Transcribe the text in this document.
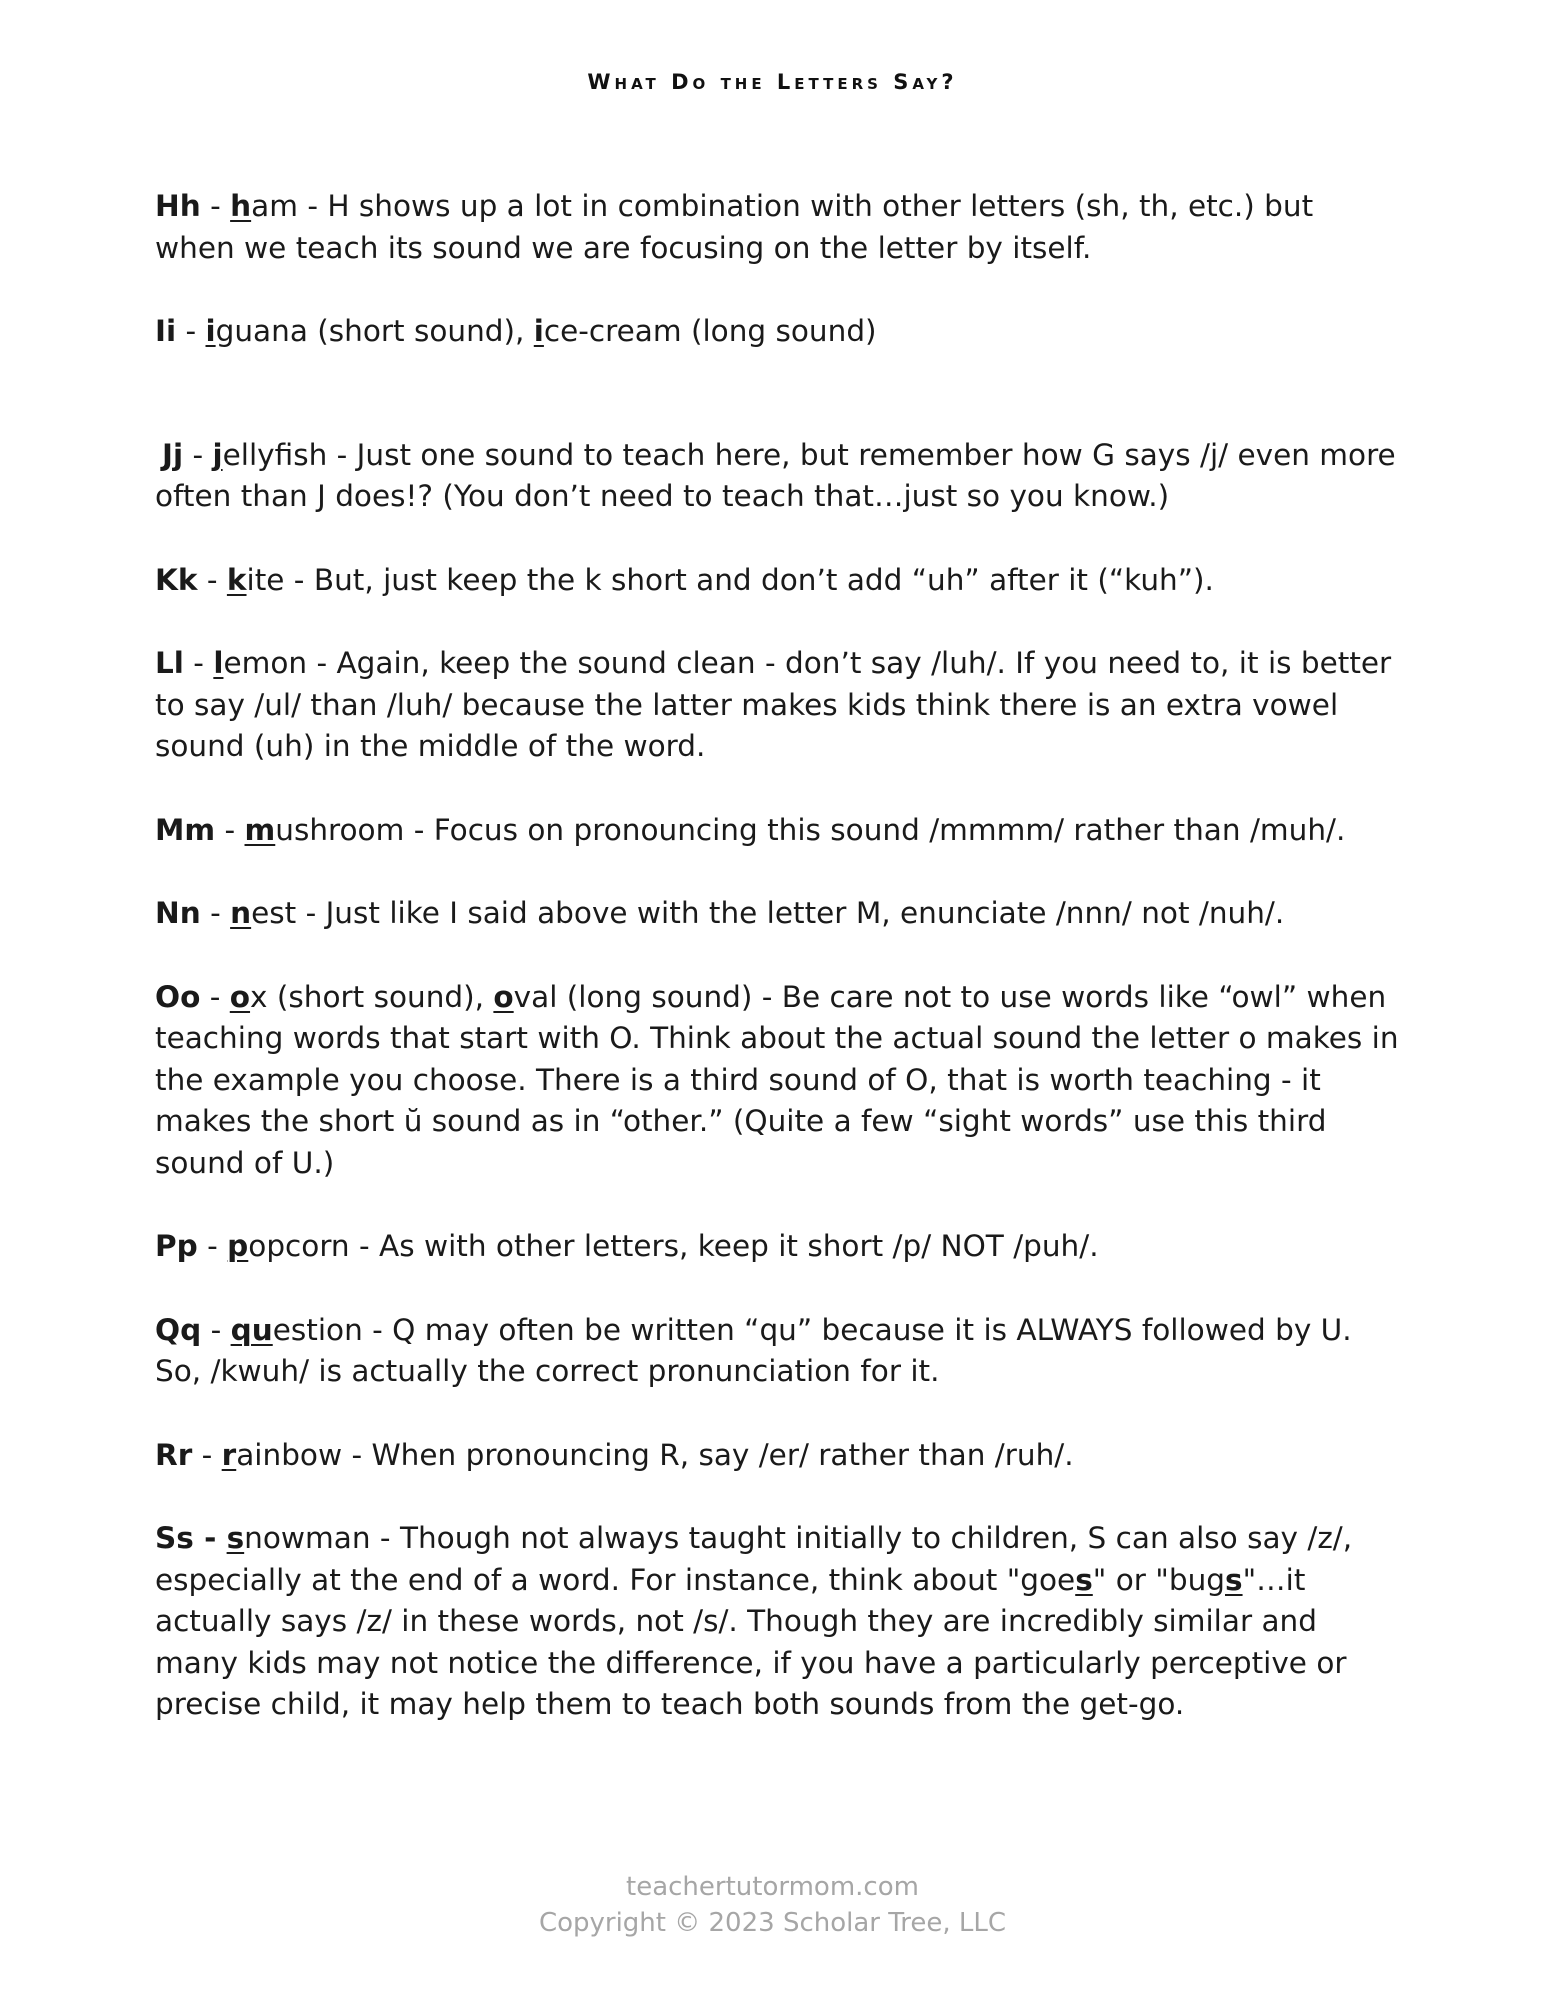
What Do the Letters Say?

Hh - ham - H shows up a lot in combination with other letters (sh, th, etc.) but when we teach its sound we are focusing on the letter by itself.

Ii - iguana (short sound), ice-cream (long sound)

Jj - jellyfish - Just one sound to teach here, but remember how G says /j/ even more often than J does!? (You don’t need to teach that…just so you know.)

Kk - kite - But, just keep the k short and don’t add “uh” after it (“kuh”).

Ll - lemon - Again, keep the sound clean - don’t say /luh/. If you need to, it is better to say /ul/ than /luh/ because the latter makes kids think there is an extra vowel sound (uh) in the middle of the word.

Mm - mushroom - Focus on pronouncing this sound /mmmm/ rather than /muh/.

Nn - nest - Just like I said above with the letter M, enunciate /nnn/ not /nuh/.

Oo - ox (short sound), oval (long sound) - Be care not to use words like “owl” when teaching words that start with O. Think about the actual sound the letter o makes in the example you choose. There is a third sound of O, that is worth teaching - it makes the short ŭ sound as in “other.” (Quite a few “sight words” use this third sound of U.)

Pp - popcorn - As with other letters, keep it short /p/ NOT /puh/.

Qq - question - Q may often be written “qu” because it is ALWAYS followed by U. So, /kwuh/ is actually the correct pronunciation for it.

Rr - rainbow - When pronouncing R, say /er/ rather than /ruh/.

Ss - snowman - Though not always taught initially to children, S can also say /z/, especially at the end of a word. For instance, think about "goes" or "bugs"…it actually says /z/ in these words, not /s/. Though they are incredibly similar and many kids may not notice the difference, if you have a particularly perceptive or precise child, it may help them to teach both sounds from the get-go.

teachertutormom.com
Copyright © 2023 Scholar Tree, LLC
